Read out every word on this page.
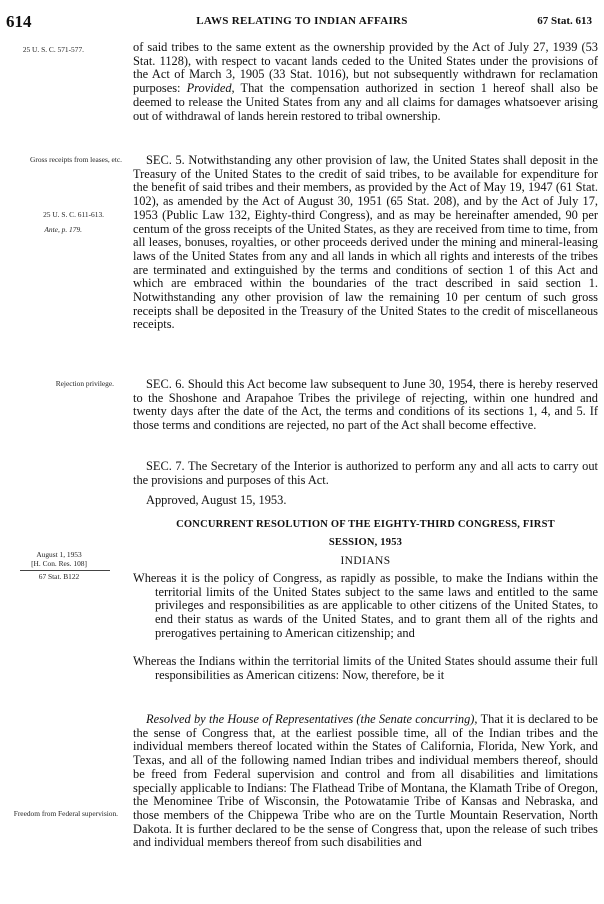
614	LAWS RELATING TO INDIAN AFFAIRS	67 Stat. 613
25 U. S. C. 571-577.
Gross receipts from leases, etc.
25 U. S. C. 611-613.
Ante, p. 179.
Rejection privilege.
August 1, 1953
[H. Con. Res. 108]
67 Stat. B122
Freedom from Federal supervision.
of said tribes to the same extent as the ownership provided by the Act of July 27, 1939 (53 Stat. 1128), with respect to vacant lands ceded to the United States under the provisions of the Act of March 3, 1905 (33 Stat. 1016), but not subsequently withdrawn for reclamation purposes: Provided, That the compensation authorized in section 1 hereof shall also be deemed to release the United States from any and all claims for damages whatsoever arising out of withdrawal of lands herein restored to tribal ownership.
SEC. 5. Notwithstanding any other provision of law, the United States shall deposit in the Treasury of the United States to the credit of said tribes, to be available for expenditure for the benefit of said tribes and their members, as provided by the Act of May 19, 1947 (61 Stat. 102), as amended by the Act of August 30, 1951 (65 Stat. 208), and by the Act of July 17, 1953 (Public Law 132, Eighty-third Congress), and as may be hereinafter amended, 90 per centum of the gross receipts of the United States, as they are received from time to time, from all leases, bonuses, royalties, or other proceeds derived under the mining and mineral-leasing laws of the United States from any and all lands in which all rights and interests of the tribes are terminated and extinguished by the terms and conditions of section 1 of this Act and which are embraced within the boundaries of the tract described in said section 1. Notwithstanding any other provision of law the remaining 10 per centum of such gross receipts shall be deposited in the Treasury of the United States to the credit of miscellaneous receipts.
SEC. 6. Should this Act become law subsequent to June 30, 1954, there is hereby reserved to the Shoshone and Arapahoe Tribes the privilege of rejecting, within one hundred and twenty days after the date of the Act, the terms and conditions of its sections 1, 4, and 5. If those terms and conditions are rejected, no part of the Act shall become effective.
SEC. 7. The Secretary of the Interior is authorized to perform any and all acts to carry out the provisions and purposes of this Act.
Approved, August 15, 1953.
CONCURRENT RESOLUTION OF THE EIGHTY-THIRD CONGRESS, FIRST SESSION, 1953
INDIANS
Whereas it is the policy of Congress, as rapidly as possible, to make the Indians within the territorial limits of the United States subject to the same laws and entitled to the same privileges and responsibilities as are applicable to other citizens of the United States, to end their status as wards of the United States, and to grant them all of the rights and prerogatives pertaining to American citizenship; and
Whereas the Indians within the territorial limits of the United States should assume their full responsibilities as American citizens: Now, therefore, be it
Resolved by the House of Representatives (the Senate concurring), That it is declared to be the sense of Congress that, at the earliest possible time, all of the Indian tribes and the individual members thereof located within the States of California, Florida, New York, and Texas, and all of the following named Indian tribes and individual members thereof, should be freed from Federal supervision and control and from all disabilities and limitations specially applicable to Indians: The Flathead Tribe of Montana, the Klamath Tribe of Oregon, the Menominee Tribe of Wisconsin, the Potowatamie Tribe of Kansas and Nebraska, and those members of the Chippewa Tribe who are on the Turtle Mountain Reservation, North Dakota. It is further declared to be the sense of Congress that, upon the release of such tribes and individual members thereof from such disabilities and
